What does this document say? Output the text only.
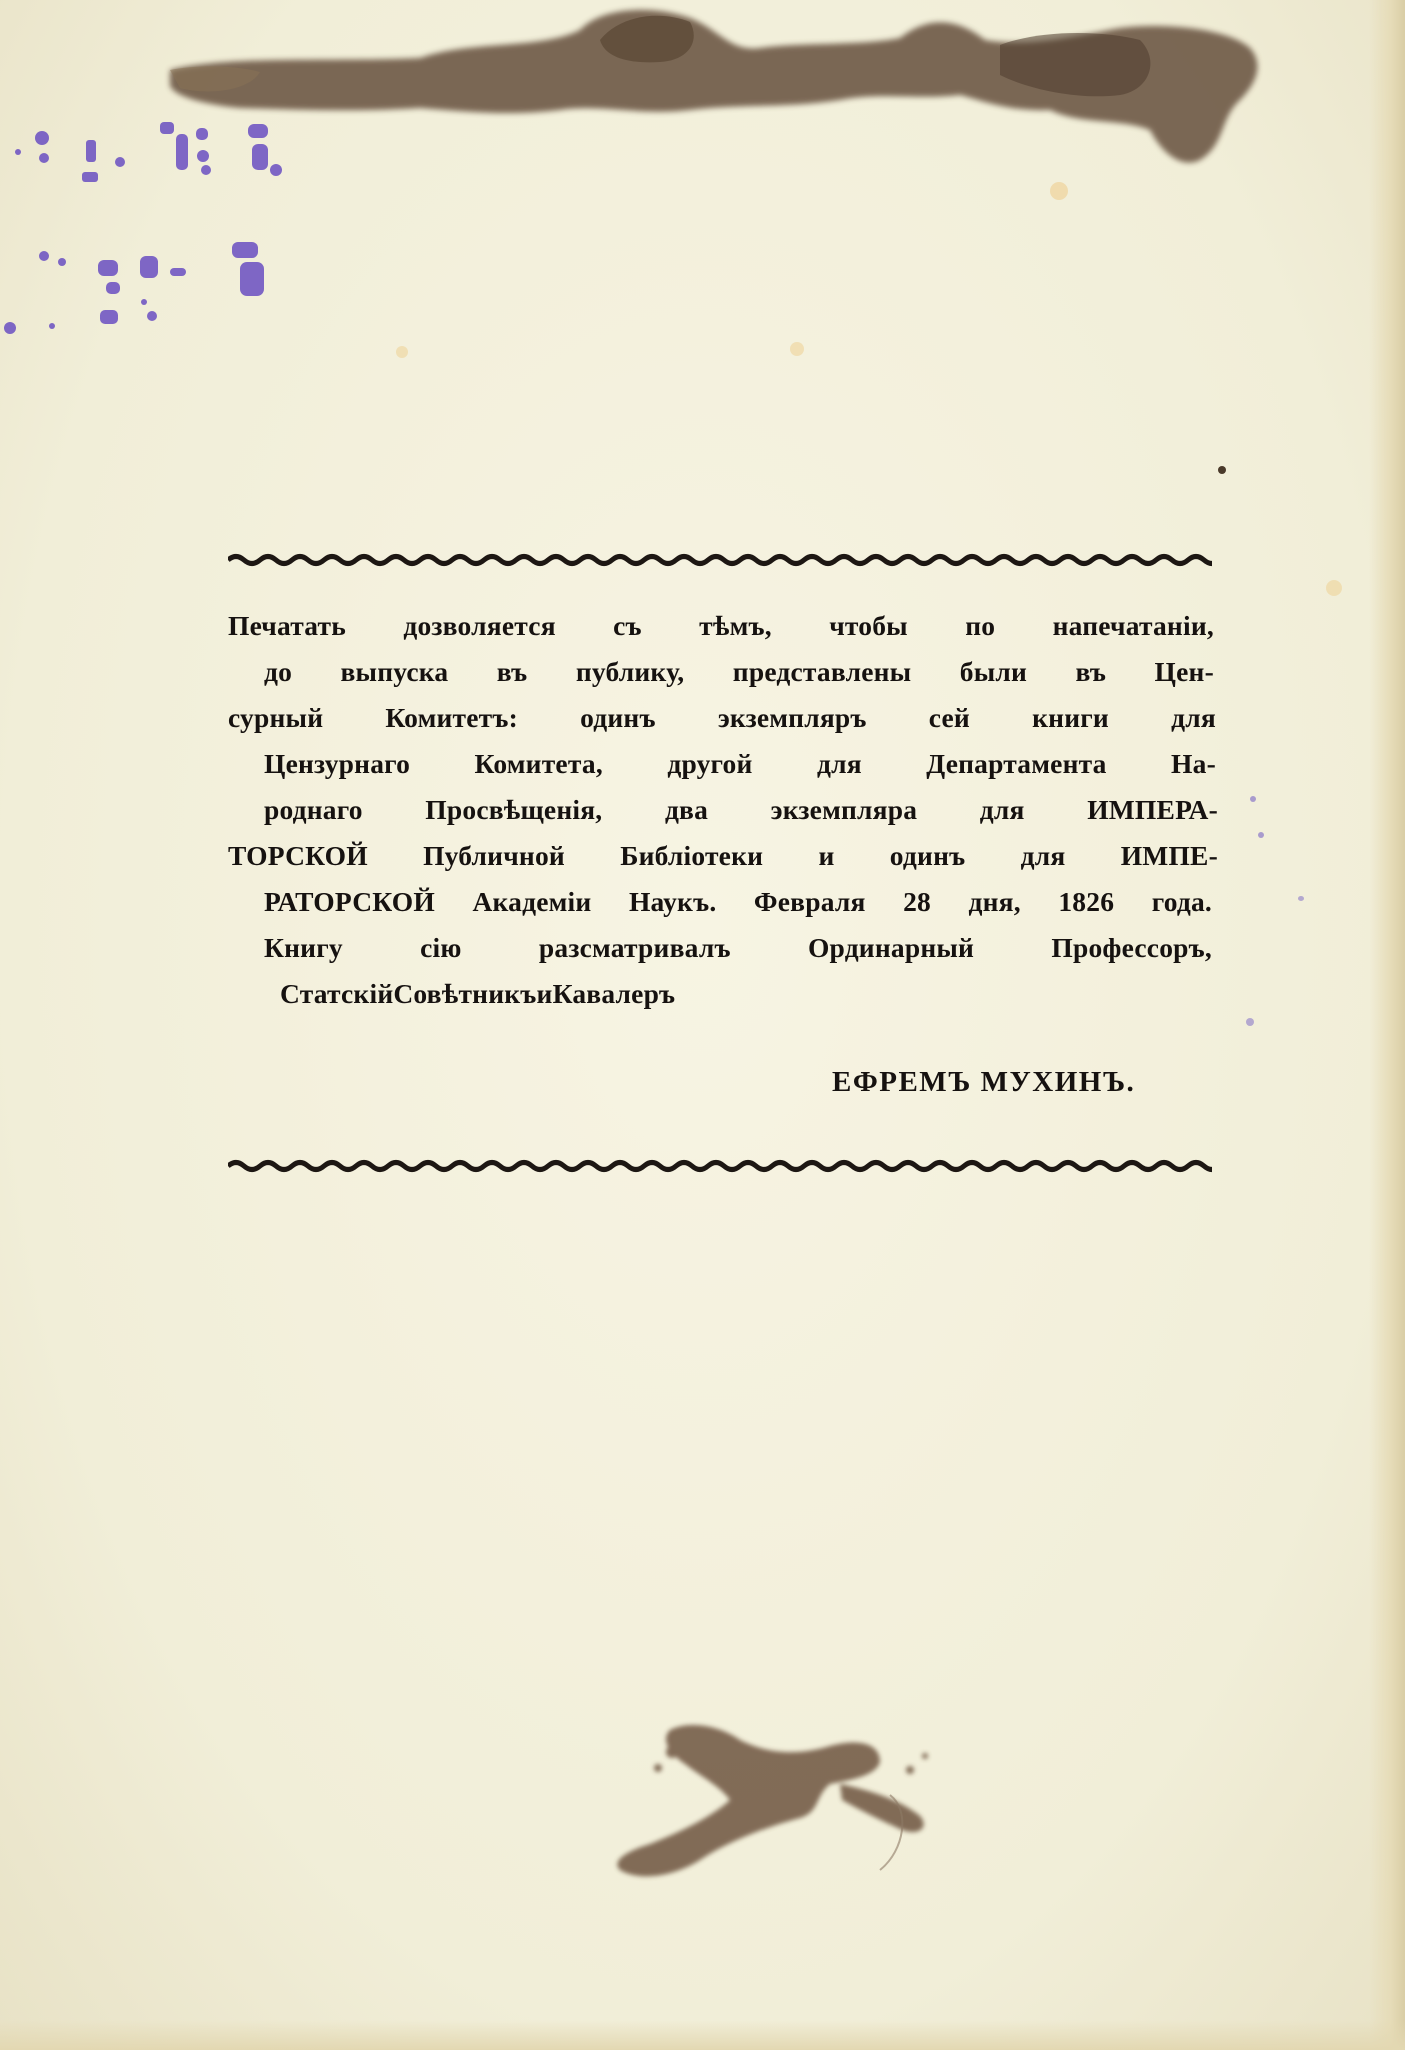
Печатать дозволяется съ тѣмъ, чтобы по напечатаніи,
до выпуска въ публику, представлены были въ Цен-
сурный Комитетъ: одинъ экземпляръ сей книги для
Цензурнаго Комитета, другой для Департамента На-
роднаго Просвѣщенія, два экземпляра для ИМПЕРА-
ТОРСКОЙ Публичной Библіотеки и одинъ для ИМПЕ-
РАТОРСКОЙ Академіи Наукъ. Февраля 28 дня, 1826 года.
Книгу	сію	разсматривалъ	Ординарный	Профессоръ,
Статскій Совѣтникъ и Кавалеръ
ЕФРЕМЪ МУХИНЪ.
